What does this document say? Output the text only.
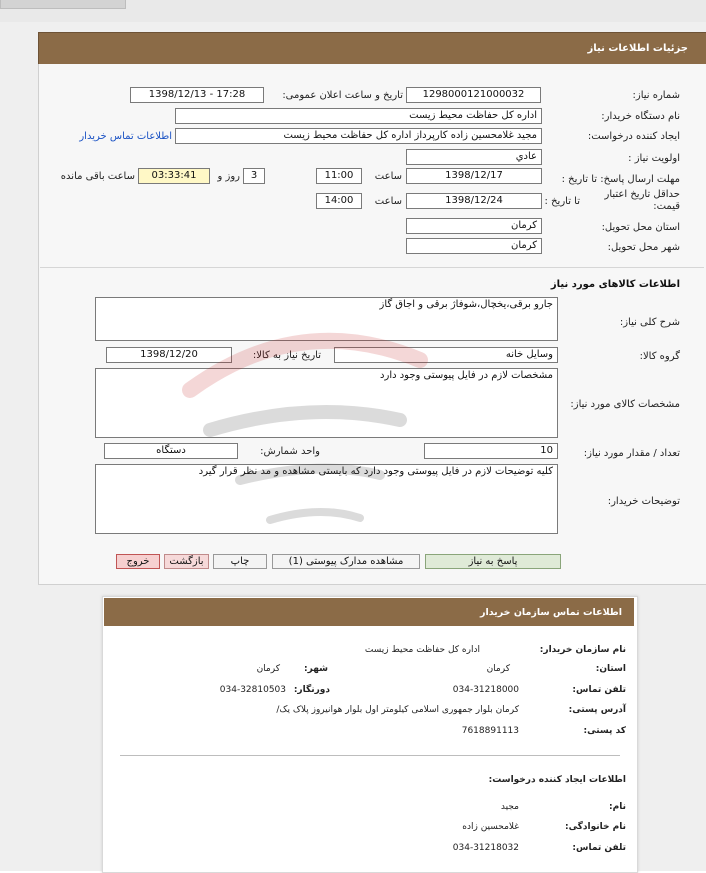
جزئیات اطلاعات نیاز
شماره نیاز:
1298000121000032
تاریخ و ساعت اعلان عمومی:
1398/12/13 - 17:28
نام دستگاه خریدار:
اداره کل حفاظت محیط زیست
ایجاد کننده درخواست:
مجید غلامحسین زاده کارپرداز اداره کل حفاظت محیط زیست
اطلاعات تماس خریدار
اولویت نیاز :
عادي
مهلت ارسال پاسخ: تا تاریخ :
1398/12/17
ساعت
11:00
3
روز و
03:33:41
ساعت باقی مانده
حداقل تاریخ اعتبار قیمت:
تا تاریخ :
1398/12/24
ساعت
14:00
استان محل تحویل:
کرمان
شهر محل تحویل:
کرمان
اطلاعات کالاهای مورد نیاز
شرح کلی نیاز:
جارو برقی،یخچال،شوفاژ برقی و اجاق گاز
گروه کالا:
وسایل خانه
تاریخ نیاز به کالا:
1398/12/20
مشخصات کالای مورد نیاز:
مشخصات لازم در فایل پیوستی وجود دارد
تعداد / مقدار مورد نیاز:
10
واحد شمارش:
دستگاه
توضیحات خریدار:
کلیه توضیحات لازم در فایل پیوستی وجود دارد که بایستی مشاهده و مد نظر قرار گیرد
پاسخ به نیاز
مشاهده مدارک پیوستی (1)
چاپ
بازگشت
خروج
اطلاعات تماس سازمان خریدار
نام سازمان خریدار:
اداره کل حفاظت محیط زیست
استان:
کرمان
شهر:
کرمان
تلفن تماس:
034-31218000
دورنگار:
034-32810503
آدرس پستی:
کرمان بلوار جمهوری اسلامی کیلومتر اول بلوار هوانیروز پلاک یک/
کد پستی:
7618891113
اطلاعات ایجاد کننده درخواست:
نام:
مجید
نام خانوادگی:
غلامحسین زاده
تلفن تماس:
034-31218032
